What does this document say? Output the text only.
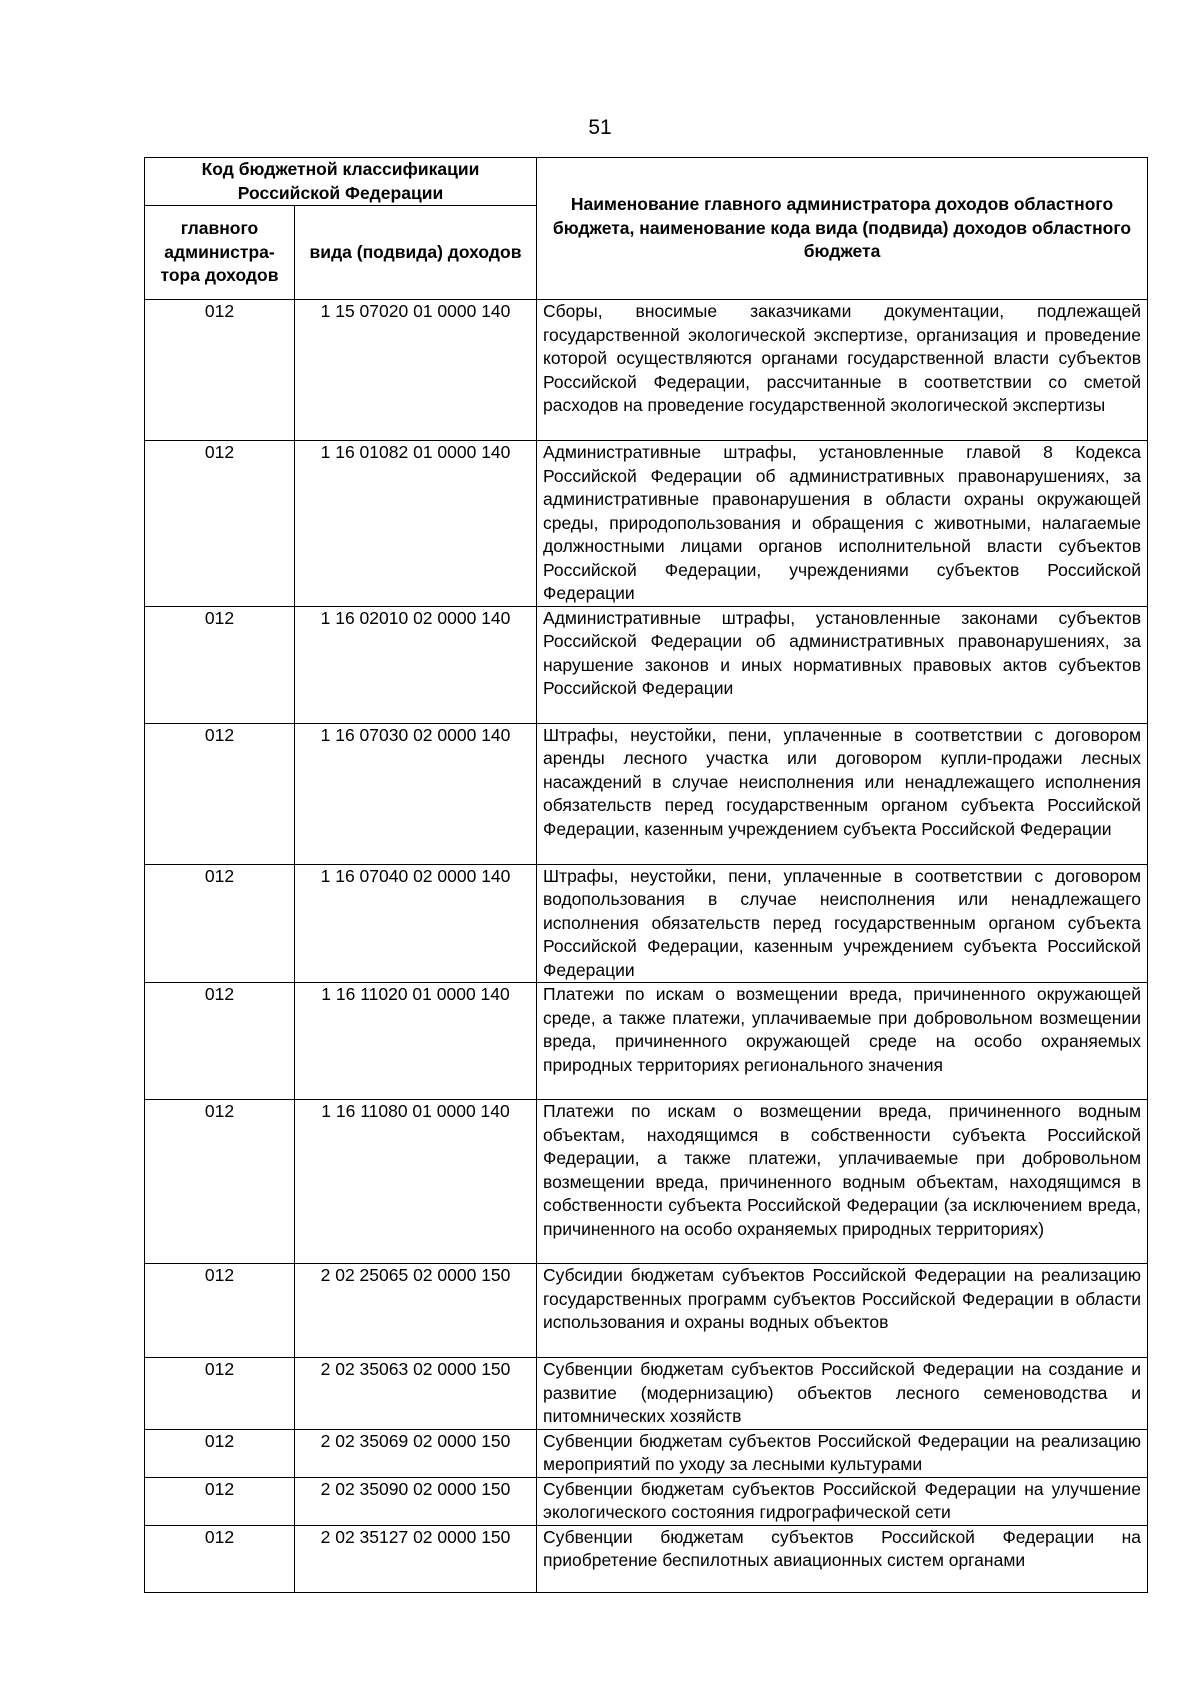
51
Код бюджетной классификации Российской Федерации		Наименование главного администратора доходов областного бюджета, наименование кода вида (подвида) доходов областного бюджета
главного администра-тора доходов	вида (подвида) доходов	
012	1 15 07020 01 0000 140	Сборы, вносимые заказчиками документации, подлежащей государственной экологической экспертизе, организация и проведение которой осуществляются органами государственной власти субъектов Российской Федерации, рассчитанные в соответствии со сметой расходов на проведение государственной экологической экспертизы
012	1 16 01082 01 0000 140	Административные штрафы, установленные главой 8 Кодекса Российской Федерации об административных правонарушениях, за административные правонарушения в области охраны окружающей среды, природопользования и обращения с животными, налагаемые должностными лицами органов исполнительной власти субъектов Российской Федерации, учреждениями субъектов Российской Федерации
012	1 16 02010 02 0000 140	Административные штрафы, установленные законами субъектов Российской Федерации об административных правонарушениях, за нарушение законов и иных нормативных правовых актов субъектов Российской Федерации
012	1 16 07030 02 0000 140	Штрафы, неустойки, пени, уплаченные в соответствии с договором аренды лесного участка или договором купли-продажи лесных насаждений в случае неисполнения или ненадлежащего исполнения обязательств перед государственным органом субъекта Российской Федерации, казенным учреждением субъекта Российской Федерации
012	1 16 07040 02 0000 140	Штрафы, неустойки, пени, уплаченные в соответствии с договором водопользования в случае неисполнения или ненадлежащего исполнения обязательств перед государственным органом субъекта Российской Федерации, казенным учреждением субъекта Российской Федерации
012	1 16 11020 01 0000 140	Платежи по искам о возмещении вреда, причиненного окружающей среде, а также платежи, уплачиваемые при добровольном возмещении вреда, причиненного окружающей среде на особо охраняемых природных территориях регионального значения
012	1 16 11080 01 0000 140	Платежи по искам о возмещении вреда, причиненного водным объектам, находящимся в собственности субъекта Российской Федерации, а также платежи, уплачиваемые при добровольном возмещении вреда, причиненного водным объектам, находящимся в собственности субъекта Российской Федерации (за исключением вреда, причиненного на особо охраняемых природных территориях)
012	2 02 25065 02 0000 150	Субсидии бюджетам субъектов Российской Федерации на реализацию государственных программ субъектов Российской Федерации в области использования и охраны водных объектов
012	2 02 35063 02 0000 150	Субвенции бюджетам субъектов Российской Федерации на создание и развитие (модернизацию) объектов лесного семеноводства и питомнических хозяйств
012	2 02 35069 02 0000 150	Субвенции бюджетам субъектов Российской Федерации на реализацию мероприятий по уходу за лесными культурами
012	2 02 35090 02 0000 150	Субвенции бюджетам субъектов Российской Федерации на улучшение экологического состояния гидрографической сети
012	2 02 35127 02 0000 150	Субвенции бюджетам субъектов Российской Федерации на приобретение беспилотных авиационных систем органами
